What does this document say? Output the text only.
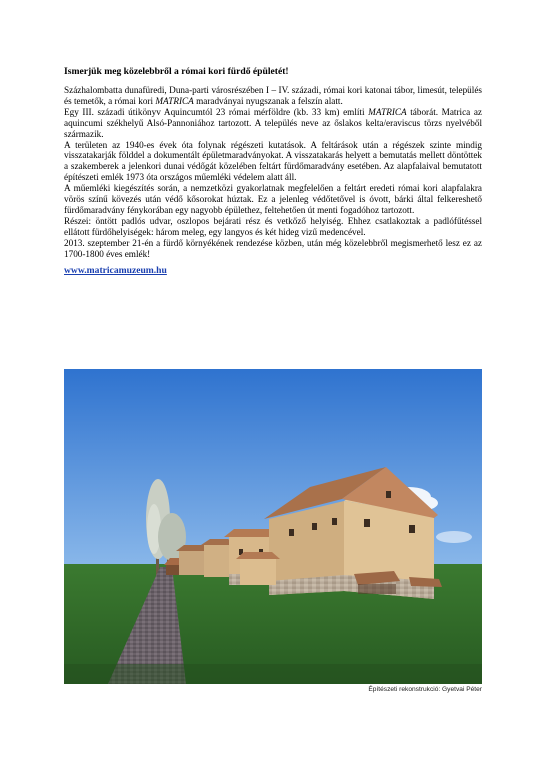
Ismerjük meg közelebbről a római kori fürdő épületét!

Százhalombatta dunafüredi, Duna-parti városrészében I – IV. századi, római kori katonai tábor, limesút, település és temetők, a római kori MATRICA maradványai nyugszanak a felszín alatt.

Egy III. századi útikönyv Aquincumtól 23 római mérföldre (kb. 33 km) említi MATRICA táborát. Matrica az aquincumi székhelyű Alsó-Pannoniához tartozott. A település neve az őslakos kelta/eraviscus törzs nyelvéből származik.

A területen az 1940-es évek óta folynak régészeti kutatások. A feltárások után a régészek szinte mindig visszatakarják földdel a dokumentált épületmaradványokat. A visszatakarás helyett a bemutatás mellett döntöttek a szakemberek a jelenkori dunai védőgát közelében feltárt fürdőmaradvány esetében. Az alapfalaival bemutatott építészeti emlék 1973 óta országos műemléki védelem alatt áll.

A műemléki kiegészítés során, a nemzetközi gyakorlatnak megfelelően a feltárt eredeti római kori alapfalakra vörös színű kövezés után védő kősorokat húztak. Ez a jelenleg védőtetővel is óvott, bárki által felkereshető fürdőmaradvány fénykorában egy nagyobb épülethez, feltehetően út menti fogadóhoz tartozott.

Részei: öntött padlós udvar, oszlopos bejárati rész és vetkőző helyiség. Ehhez csatlakoztak a padlófűtéssel ellátott fürdőhelyiségek: három meleg, egy langyos és két hideg vizű medencével.

2013. szeptember 21-én a fürdő környékének rendezése közben, után még közelebbről megismerhető lesz ez az 1700-1800 éves emlék!

www.matricamuzeum.hu
Építészeti rekonstrukció: Gyetvai Péter
